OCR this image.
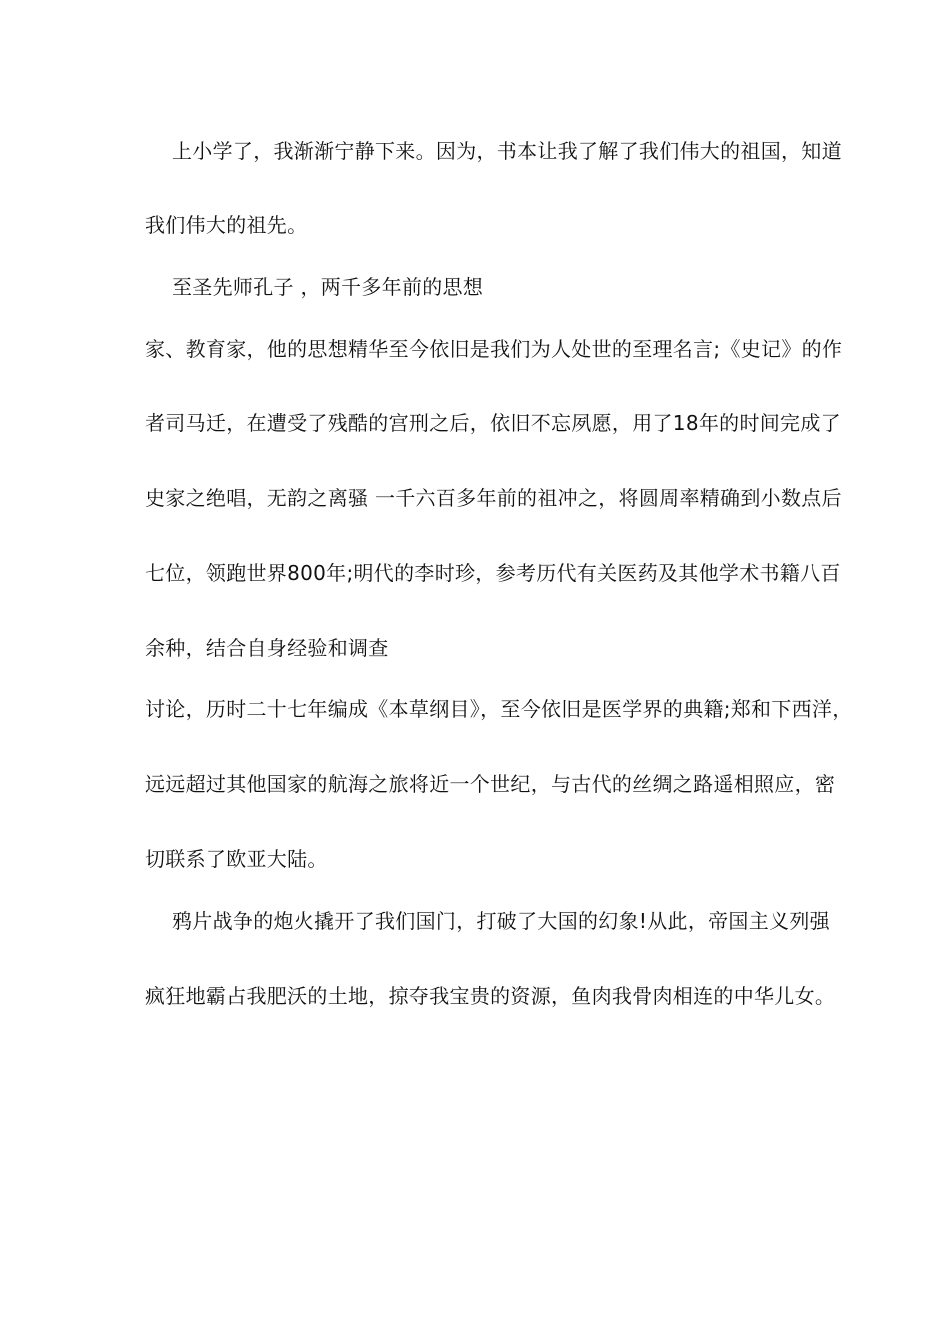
上小学了，我渐渐宁静下来。因为，书本让我了解了我们伟大的祖国，知道
我们伟大的祖先。
至圣先师孔子 ，两千多年前的思想
家、教育家，他的思想精华至今依旧是我们为人处世的至理名言;《史记》的作
者司马迁，在遭受了残酷的宫刑之后，依旧不忘夙愿，用了18年的时间完成了
史家之绝唱，无韵之离骚 一千六百多年前的祖冲之，将圆周率精确到小数点后
七位，领跑世界800年;明代的李时珍，参考历代有关医药及其他学术书籍八百
余种，结合自身经验和调查
讨论，历时二十七年编成《本草纲目》，至今依旧是医学界的典籍;郑和下西洋，
远远超过其他国家的航海之旅将近一个世纪，与古代的丝绸之路遥相照应，密
切联系了欧亚大陆。
鸦片战争的炮火撬开了我们国门，打破了大国的幻象!从此，帝国主义列强
疯狂地霸占我肥沃的土地，掠夺我宝贵的资源，鱼肉我骨肉相连的中华儿女。
